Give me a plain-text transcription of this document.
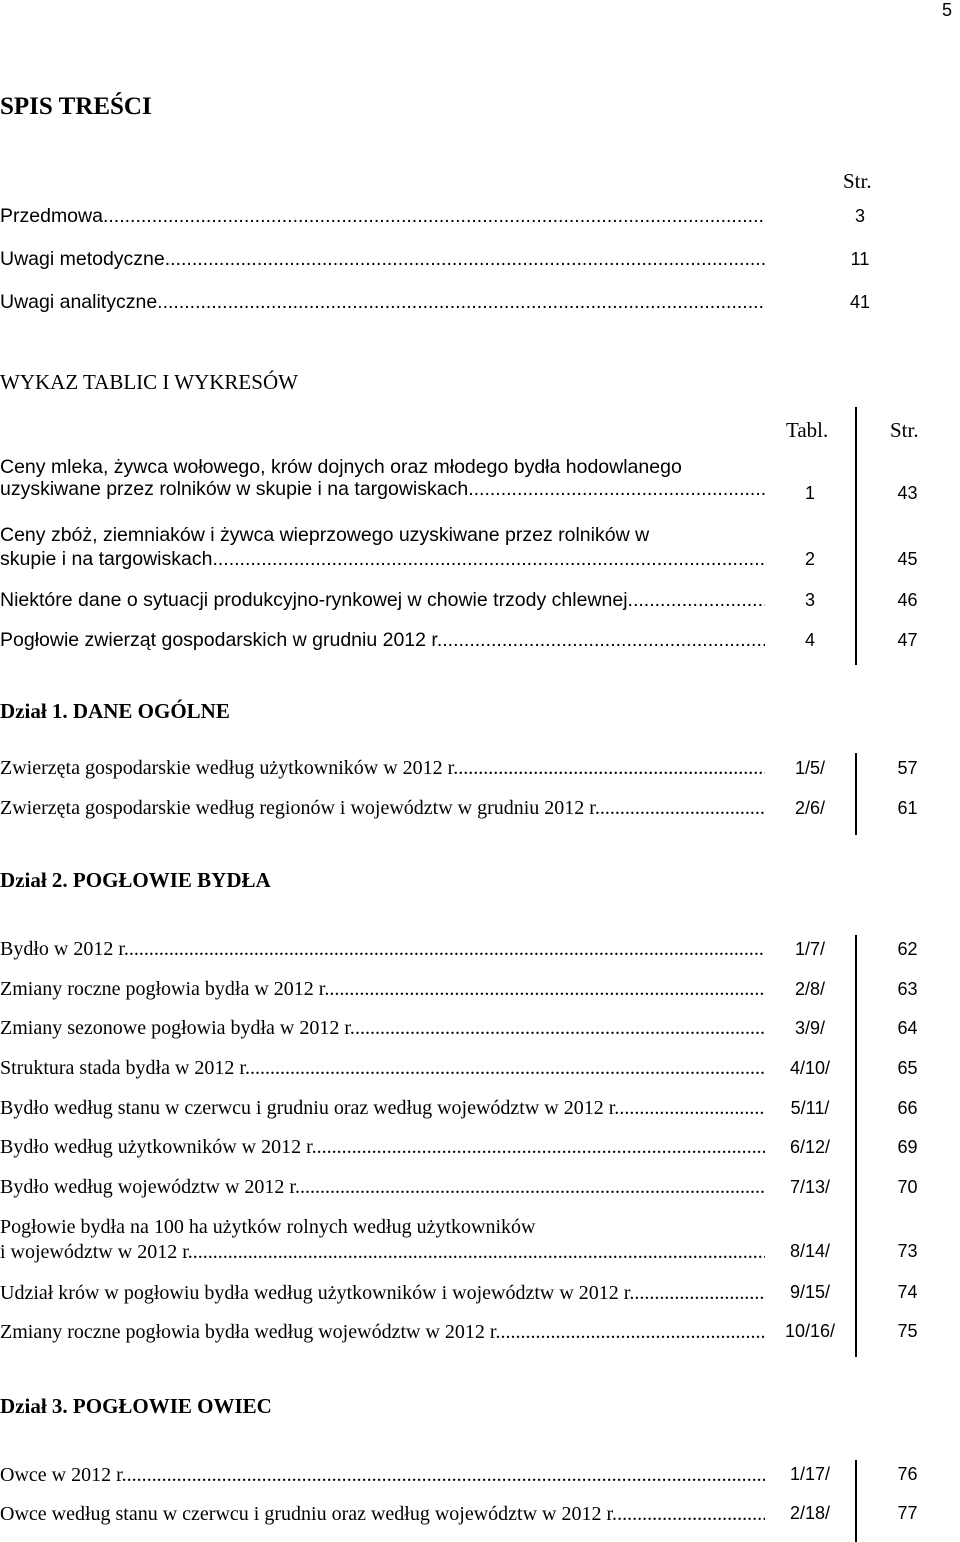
5
SPIS TREŚCI
Str.
Przedmowa .....	3
Uwagi metodyczne .....	11
Uwagi analityczne .....	41
WYKAZ TABLIC I WYKRESÓW
Tabl.	Str.
Ceny mleka, żywca wołowego, krów dojnych oraz młodego bydła hodowlanego
uzyskiwane przez rolników w skupie i na targowiskach .....	1	43
Ceny zbóż, ziemniaków i żywca wieprzowego uzyskiwane przez rolników w
skupie i na targowiskach .....	2	45
Niektóre dane o sytuacji produkcyjno-rynkowej w chowie trzody chlewnej .....	3	46
Pogłowie zwierząt gospodarskich w grudniu 2012 r. .....	4	47
Dział 1. DANE OGÓLNE
Zwierzęta gospodarskie według użytkowników w 2012 r. .....	1/5/	57
Zwierzęta gospodarskie według regionów i województw w grudniu 2012 r. .....	2/6/	61
Dział 2. POGŁOWIE BYDŁA
Bydło w 2012 r. .....	1/7/	62
Zmiany roczne pogłowia bydła w 2012 r. .....	2/8/	63
Zmiany sezonowe pogłowia bydła w 2012 r. .....	3/9/	64
Struktura stada bydła w 2012 r. .....	4/10/	65
Bydło według stanu w czerwcu i grudniu oraz według województw w 2012 r. .....	5/11/	66
Bydło według użytkowników w 2012 r. .....	6/12/	69
Bydło według województw w 2012 r. .....	7/13/	70
Pogłowie bydła na 100 ha użytków rolnych według użytkowników
i województw w 2012 r. .....	8/14/	73
Udział krów w pogłowiu bydła według użytkowników i województw w 2012 r. .....	9/15/	74
Zmiany roczne pogłowia bydła według województw w 2012 r. .....	10/16/	75
Dział 3. POGŁOWIE OWIEC
Owce w 2012 r. .....	1/17/	76
Owce według stanu w czerwcu i grudniu oraz według województw w 2012 r. .....	2/18/	77
